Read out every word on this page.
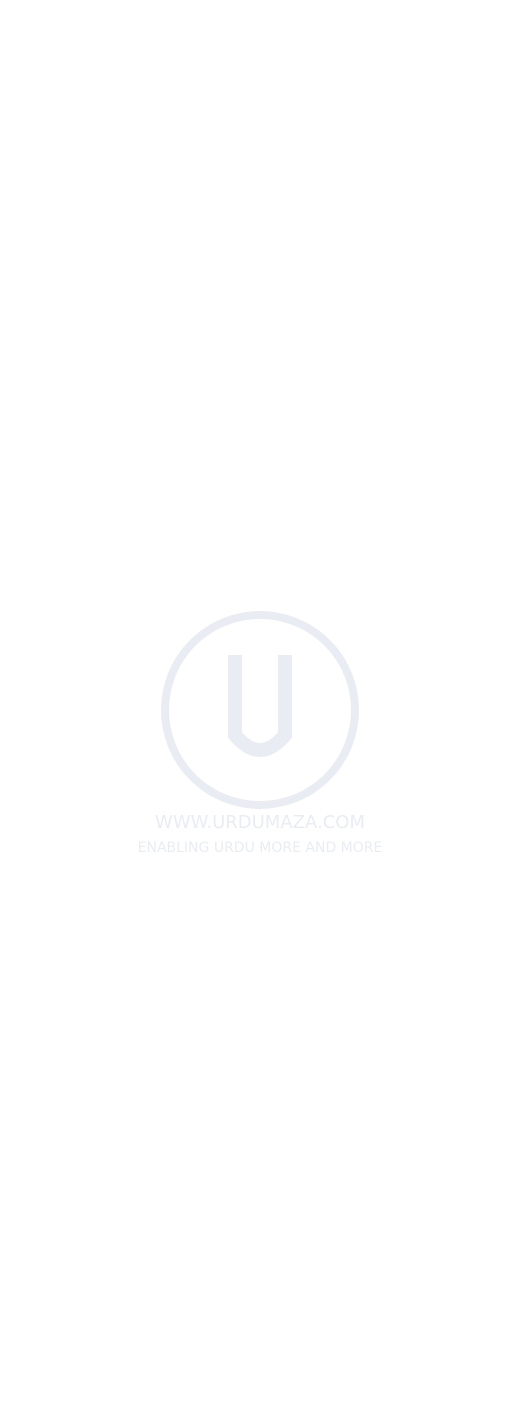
WWW.URDUMAZA.COM
ENABLING URDU MORE AND MORE
